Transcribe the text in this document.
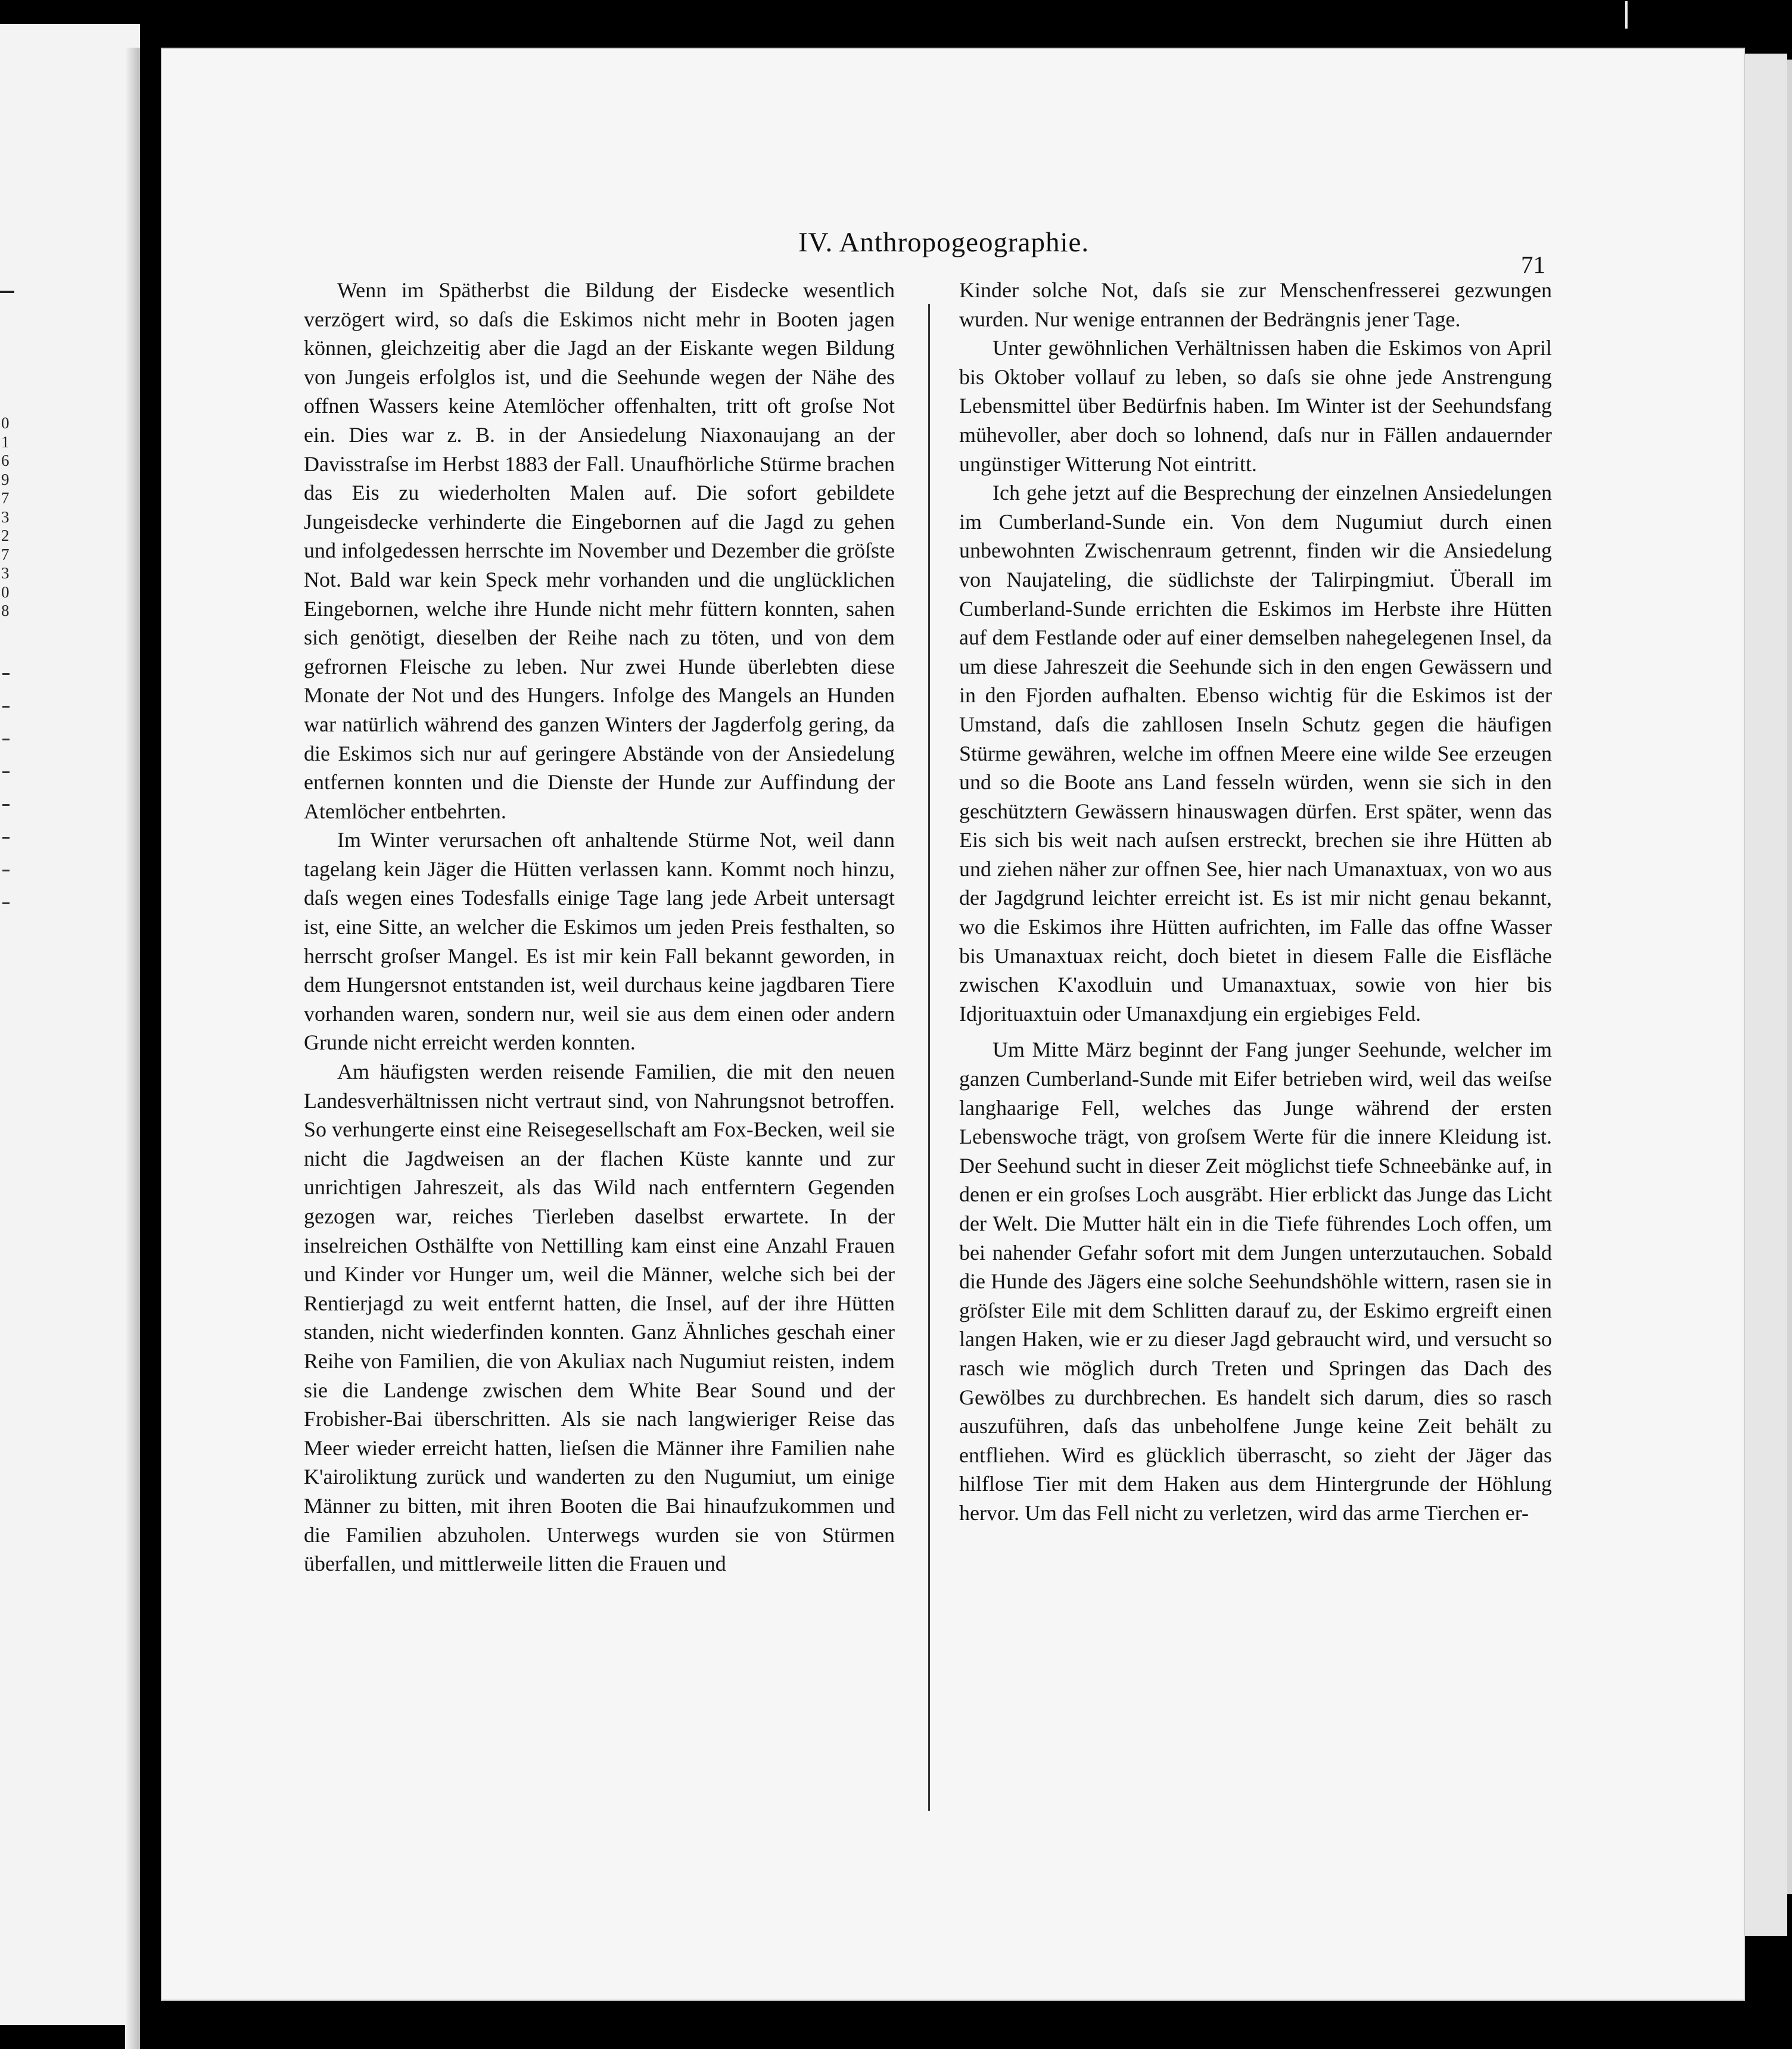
0
1
6
9
7
3
2
7
3
0
8
IV. Anthropogeographie.
71

Wenn im Spätherbst die Bildung der Eisdecke wesentlich verzögert wird, so daſs die Eskimos nicht mehr in Booten jagen können, gleichzeitig aber die Jagd an der Eiskante wegen Bildung von Jungeis erfolglos ist, und die Seehunde wegen der Nähe des offnen Wassers keine Atemlöcher offenhalten, tritt oft groſse Not ein. Dies war z. B. in der Ansiedelung Niaxonaujang an der Davisstraſse im Herbst 1883 der Fall. Unaufhörliche Stürme brachen das Eis zu wiederholten Malen auf. Die sofort gebildete Jungeisdecke verhinderte die Eingebornen auf die Jagd zu gehen und infolgedessen herrschte im November und Dezember die gröſste Not. Bald war kein Speck mehr vorhanden und die unglücklichen Eingebornen, welche ihre Hunde nicht mehr füttern konnten, sahen sich genötigt, dieselben der Reihe nach zu töten, und von dem gefrornen Fleische zu leben. Nur zwei Hunde überlebten diese Monate der Not und des Hungers. Infolge des Mangels an Hunden war natürlich während des ganzen Winters der Jagderfolg gering, da die Eskimos sich nur auf geringere Abstände von der Ansiedelung entfernen konnten und die Dienste der Hunde zur Auffindung der Atemlöcher entbehrten.

Im Winter verursachen oft anhaltende Stürme Not, weil dann tagelang kein Jäger die Hütten verlassen kann. Kommt noch hinzu, daſs wegen eines Todesfalls einige Tage lang jede Arbeit untersagt ist, eine Sitte, an welcher die Eskimos um jeden Preis festhalten, so herrscht groſser Mangel. Es ist mir kein Fall bekannt geworden, in dem Hungersnot entstanden ist, weil durchaus keine jagdbaren Tiere vorhanden waren, sondern nur, weil sie aus dem einen oder andern Grunde nicht erreicht werden konnten.

Am häufigsten werden reisende Familien, die mit den neuen Landesverhältnissen nicht vertraut sind, von Nahrungsnot betroffen. So verhungerte einst eine Reisegesellschaft am Fox-Becken, weil sie nicht die Jagdweisen an der flachen Küste kannte und zur unrichtigen Jahreszeit, als das Wild nach entferntern Gegenden gezogen war, reiches Tierleben daselbst erwartete. In der inselreichen Osthälfte von Nettilling kam einst eine Anzahl Frauen und Kinder vor Hunger um, weil die Männer, welche sich bei der Rentierjagd zu weit entfernt hatten, die Insel, auf der ihre Hütten standen, nicht wiederfinden konnten. Ganz Ähnliches geschah einer Reihe von Familien, die von Akuliax nach Nugumiut reisten, indem sie die Landenge zwischen dem White Bear Sound und der Frobisher-Bai überschritten. Als sie nach langwieriger Reise das Meer wieder erreicht hatten, lieſsen die Männer ihre Familien nahe K'airoliktung zurück und wanderten zu den Nugumiut, um einige Männer zu bitten, mit ihren Booten die Bai hinaufzukommen und die Familien abzuholen. Unterwegs wurden sie von Stürmen überfallen, und mittlerweile litten die Frauen und

Kinder solche Not, daſs sie zur Menschenfresserei gezwungen wurden. Nur wenige entrannen der Bedrängnis jener Tage.

Unter gewöhnlichen Verhältnissen haben die Eskimos von April bis Oktober vollauf zu leben, so daſs sie ohne jede Anstrengung Lebensmittel über Bedürfnis haben. Im Winter ist der Seehundsfang mühevoller, aber doch so lohnend, daſs nur in Fällen andauernder ungünstiger Witterung Not eintritt.

Ich gehe jetzt auf die Besprechung der einzelnen Ansiedelungen im Cumberland-Sunde ein. Von dem Nugumiut durch einen unbewohnten Zwischenraum getrennt, finden wir die Ansiedelung von Naujateling, die südlichste der Talirpingmiut. Überall im Cumberland-Sunde errichten die Eskimos im Herbste ihre Hütten auf dem Festlande oder auf einer demselben nahegelegenen Insel, da um diese Jahreszeit die Seehunde sich in den engen Gewässern und in den Fjorden aufhalten. Ebenso wichtig für die Eskimos ist der Umstand, daſs die zahllosen Inseln Schutz gegen die häufigen Stürme gewähren, welche im offnen Meere eine wilde See erzeugen und so die Boote ans Land fesseln würden, wenn sie sich in den geschütztern Gewässern hinauswagen dürfen. Erst später, wenn das Eis sich bis weit nach auſsen erstreckt, brechen sie ihre Hütten ab und ziehen näher zur offnen See, hier nach Umanaxtuax, von wo aus der Jagdgrund leichter erreicht ist. Es ist mir nicht genau bekannt, wo die Eskimos ihre Hütten aufrichten, im Falle das offne Wasser bis Umanaxtuax reicht, doch bietet in diesem Falle die Eisfläche zwischen K'axodluin und Umanaxtuax, sowie von hier bis Idjorituaxtuin oder Umanaxdjung ein ergiebiges Feld.

Um Mitte März beginnt der Fang junger Seehunde, welcher im ganzen Cumberland-Sunde mit Eifer betrieben wird, weil das weiſse langhaarige Fell, welches das Junge während der ersten Lebenswoche trägt, von groſsem Werte für die innere Kleidung ist. Der Seehund sucht in dieser Zeit möglichst tiefe Schneebänke auf, in denen er ein groſses Loch ausgräbt. Hier erblickt das Junge das Licht der Welt. Die Mutter hält ein in die Tiefe führendes Loch offen, um bei nahender Gefahr sofort mit dem Jungen unterzutauchen. Sobald die Hunde des Jägers eine solche Seehundshöhle wittern, rasen sie in gröſster Eile mit dem Schlitten darauf zu, der Eskimo ergreift einen langen Haken, wie er zu dieser Jagd gebraucht wird, und versucht so rasch wie möglich durch Treten und Springen das Dach des Gewölbes zu durchbrechen. Es handelt sich darum, dies so rasch auszuführen, daſs das unbeholfene Junge keine Zeit behält zu entfliehen. Wird es glücklich überrascht, so zieht der Jäger das hilflose Tier mit dem Haken aus dem Hintergrunde der Höhlung hervor. Um das Fell nicht zu verletzen, wird das arme Tierchen er-
